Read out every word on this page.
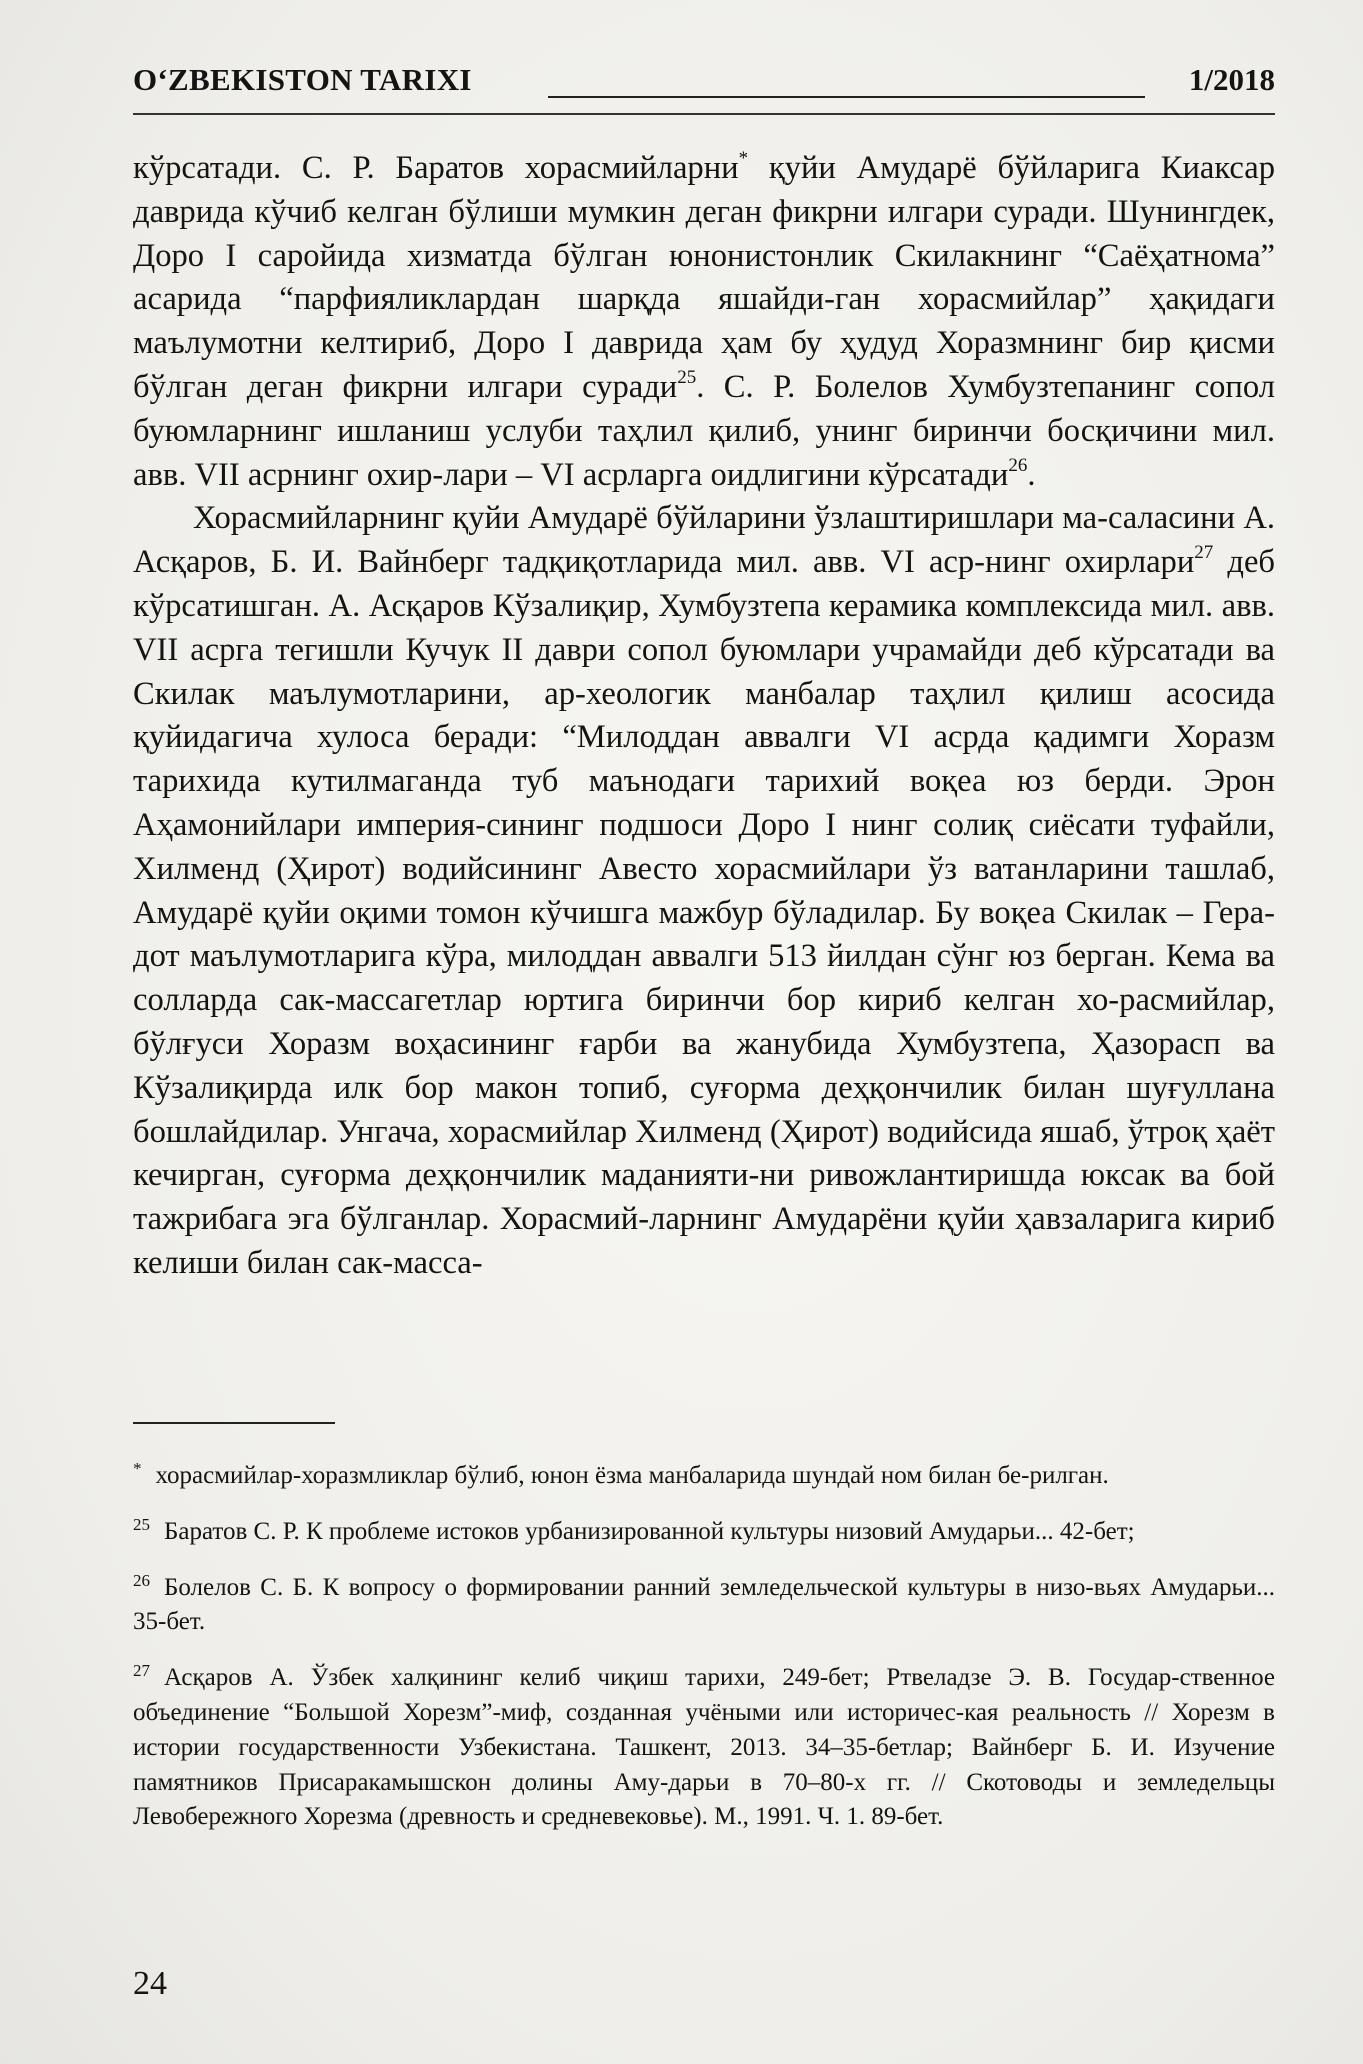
O‘ZBEKISTON TARIXI	1/2018

кўрсатади. С. Р. Баратов хорасмийларни* қуйи Амударё бўйларига Киаксар даврида кўчиб келган бўлиши мумкин деган фикрни илгари суради. Шунингдек, Доро I саройида хизматда бўлган юнонистонлик Скилакнинг “Саёҳатнома” асарида “парфияликлардан шарқда яшайди-ган хорасмийлар” ҳақидаги маълумотни келтириб, Доро I даврида ҳам бу ҳудуд Хоразмнинг бир қисми бўлган деган фикрни илгари суради$^{25}$. С. Р. Болелов Хумбузтепанинг сопол буюмларнинг ишланиш услуби таҳлил қилиб, унинг биринчи босқичини мил. авв. VII асрнинг охир-лари – VI асрларга оидлигини кўрсатади$^{26}$.

Хорасмийларнинг қуйи Амударё бўйларини ўзлаштиришлари ма-саласини А. Асқаров, Б. И. Вайнберг тадқиқотларида мил. авв. VI аср-нинг охирлари$^{27}$ деб кўрсатишган. А. Асқаров Кўзалиқир, Хумбузтепа керамика комплексида мил. авв. VII асрга тегишли Кучук II даври сопол буюмлари учрамайди деб кўрсатади ва Скилак маълумотларини, ар-хеологик манбалар таҳлил қилиш асосида қуйидагича хулоса беради: “Милоддан аввалги VI асрда қадимги Хоразм тарихида кутилмаганда туб маънодаги тарихий воқеа юз берди. Эрон Аҳамонийлари империя-сининг подшоси Доро I нинг солиқ сиёсати туфайли, Хилменд (Ҳирот) водийсининг Авесто хорасмийлари ўз ватанларини ташлаб, Амударё қуйи оқими томон кўчишга мажбур бўладилар. Бу воқеа Скилак – Гера-дот маълумотларига кўра, милоддан аввалги 513 йилдан сўнг юз берган. Кема ва солларда сак-массагетлар юртига биринчи бор кириб келган хо-расмийлар, бўлғуси Хоразм воҳасининг ғарби ва жанубида Хумбузтепа, Ҳазорасп ва Кўзалиқирда илк бор макон топиб, суғорма деҳқончилик билан шуғуллана бошлайдилар. Унгача, хорасмийлар Хилменд (Ҳирот) водийсида яшаб, ўтроқ ҳаёт кечирган, суғорма деҳқончилик маданияти-ни ривожлантиришда юксак ва бой тажрибага эга бўлганлар. Хорасмий-ларнинг Амударёни қуйи ҳавзаларига кириб келиши билан сак-масса-

* хорасмийлар-хоразмликлар бўлиб, юнон ёзма манбаларида шундай ном билан бе-рилган.

$^{25}$ Баратов С. Р. К проблеме истоков урбанизированной культуры низовий Амударьи... 42-бет;

$^{26}$ Болелов С. Б. К вопросу о формировании ранний земледельческой культуры в низо-вьях Амударьи... 35-бет.

$^{27}$ Асқаров А. Ўзбек халқининг келиб чиқиш тарихи, 249-бет; Ртвеладзе Э. В. Государ-ственное объединение “Большой Хорезм”-миф, созданная учёными или историчес-кая реальность // Хорезм в истории государственности Узбекистана. Ташкент, 2013. 34–35-бетлар; Вайнберг Б. И. Изучение памятников Присаракамышскон долины Аму-дарьи в 70–80-х гг. // Скотоводы и земледельцы Левобережного Хорезма (древность и средневековье). М., 1991. Ч. 1. 89-бет.

24
